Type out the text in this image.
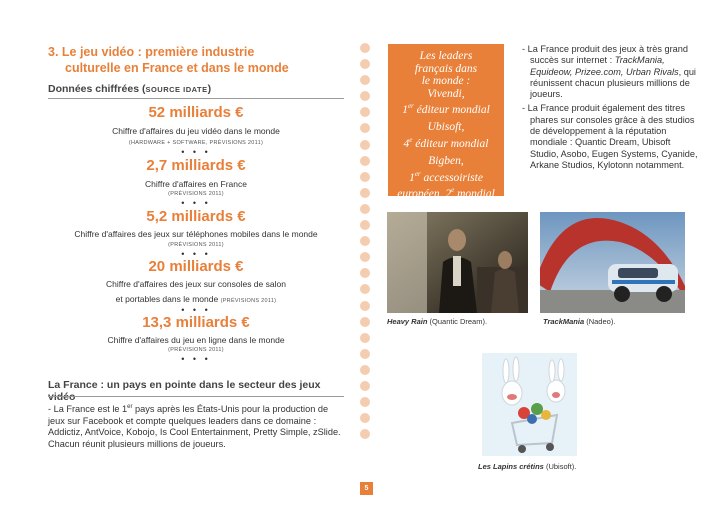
3. Le jeu vidéo : première industrie
culturelle en France et dans le monde
Données chiffrées (SOURCE IDATE)
52 milliards €
Chiffre d'affaires du jeu vidéo dans le monde
(HARDWARE + SOFTWARE, PRÉVISIONS 2011)
• • •
2,7 milliards €
Chiffre d'affaires en France
(PRÉVISIONS 2011)
• • •
5,2 milliards €
Chiffre d'affaires des jeux sur téléphones mobiles dans le monde
(PRÉVISIONS 2011)
• • •
20 milliards €
Chiffre d'affaires des jeux sur consoles de salon
et portables dans le monde (PRÉVISIONS 2011)
• • •
13,3 milliards €
Chiffre d'affaires du jeu en ligne dans le monde
(PRÉVISIONS 2011)
• • •
La France : un pays en pointe dans le secteur des jeux vidéo
- La France est le 1er pays après les États-Unis pour la production de jeux sur Facebook et compte quelques leaders dans ce domaine : Addictiz, AntVoice, Kobojo, Is Cool Entertainment, Pretty Simple, zSlide. Chacun réunit plusieurs millions de joueurs.
5
Les leaders
français dans
le monde :
Vivendi,
1er éditeur mondial
Ubisoft,
4e éditeur mondial
Bigben,
1er accessoiriste
européen, 2e mondial
- La France produit des jeux à très grand succès sur internet : TrackMania, Equideow, Prizee.com, Urban Rivals, qui réunissent chacun plusieurs millions de joueurs.
- La France produit également des titres phares sur consoles grâce à des studios de développement à la réputation mondiale : Quantic Dream, Ubisoft Studio, Asobo, Eugen Systems, Cyanide, Arkane Studios, Kylotonn notamment.
Heavy Rain (Quantic Dream).	TrackMania (Nadeo).
Les Lapins crétins (Ubisoft).
